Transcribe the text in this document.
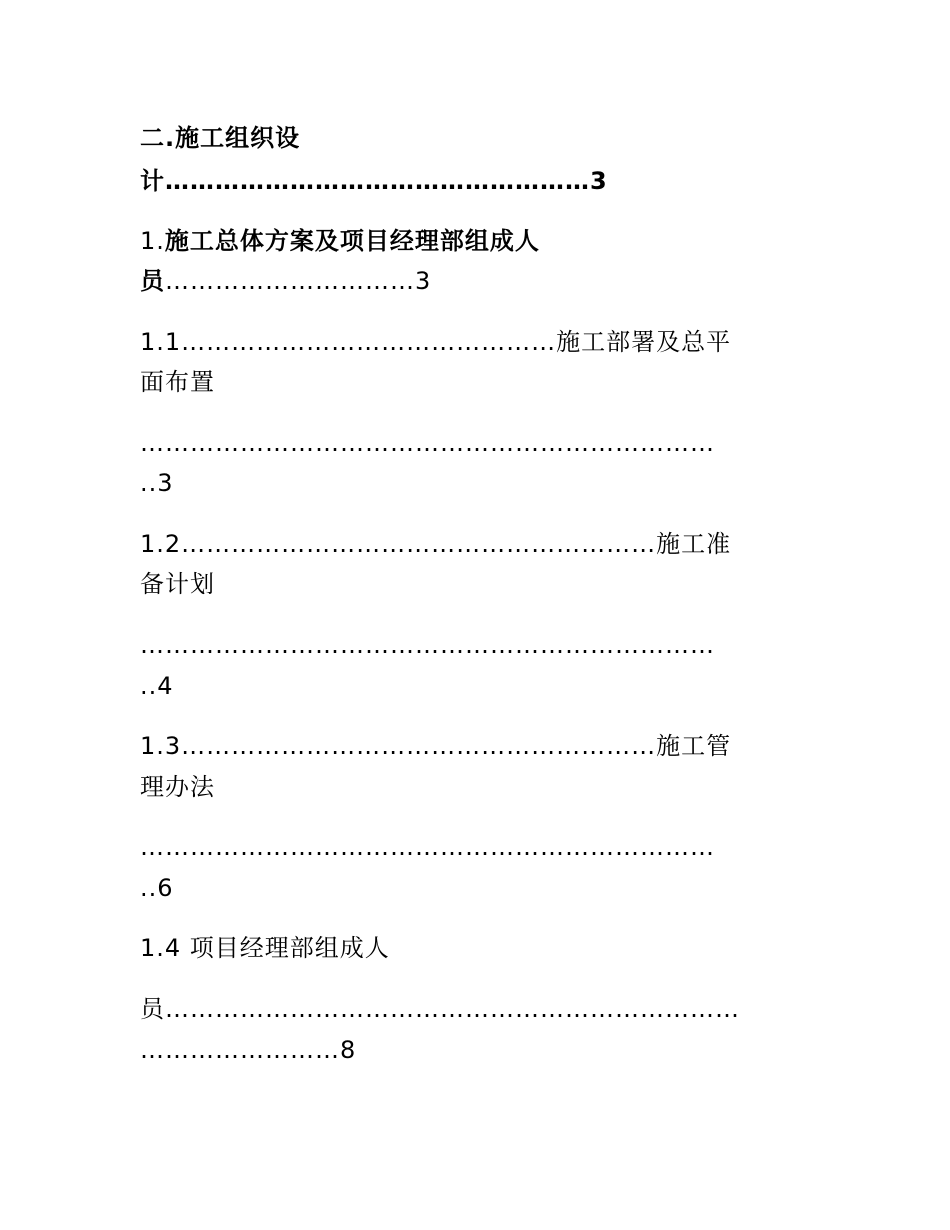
二.施工组织设

计……………………………………………3

1.施工总体方案及项目经理部组成人

员…………………………3

1.1………………………………………施工部署及总平

面布置

……………………………………………………………

..3

1.2…………………………………………………施工准

备计划

……………………………………………………………

..4

1.3…………………………………………………施工管

理办法

……………………………………………………………

..6

1.4 项目经理部组成人

员……………………………………………………………

……………………8
